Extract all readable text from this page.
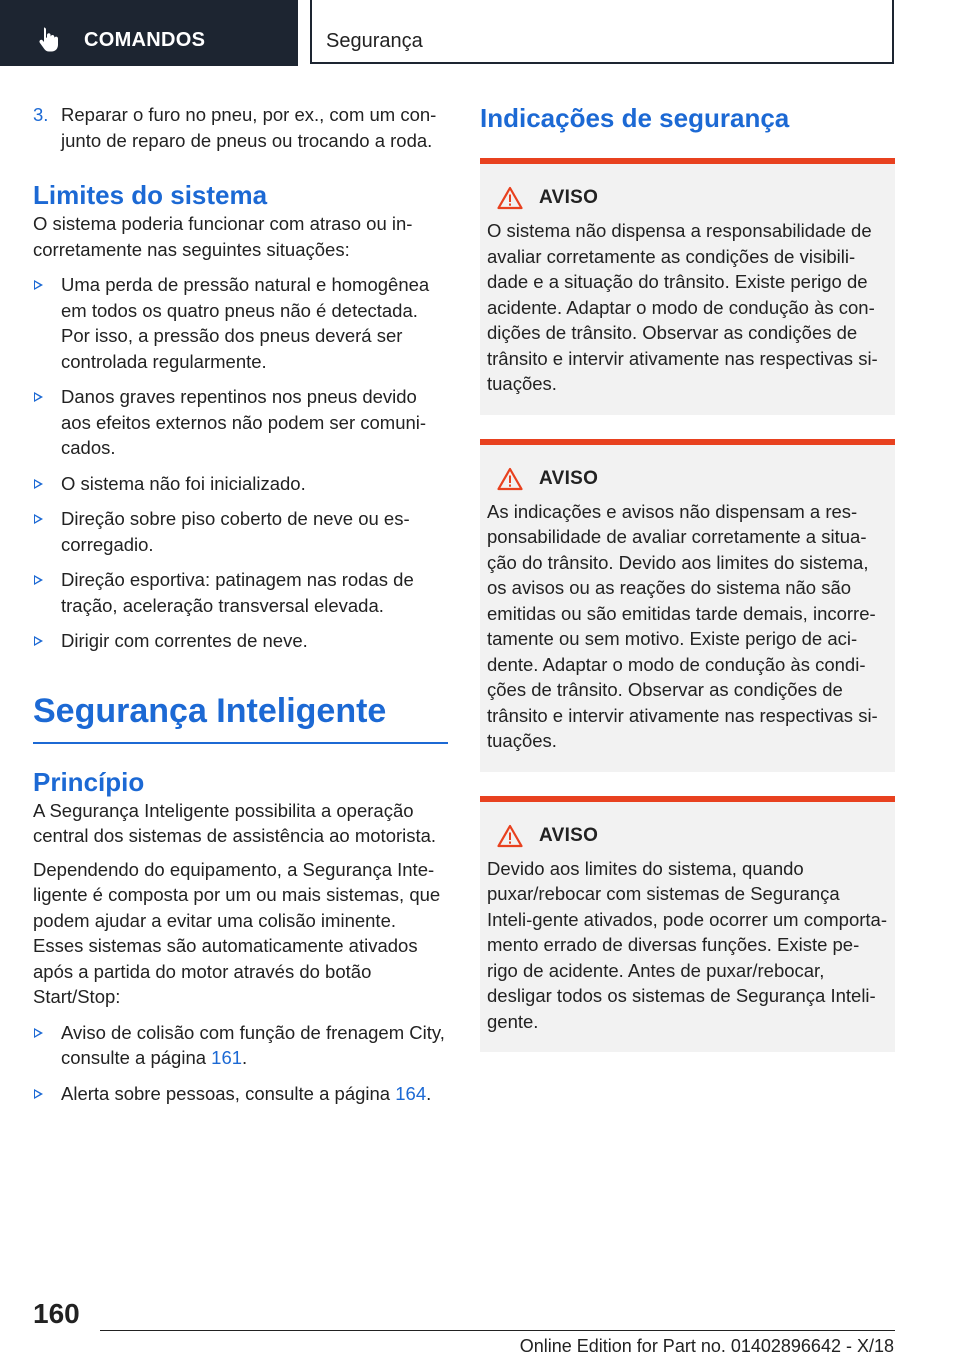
COMANDOS	Segurança
3. Reparar o furo no pneu, por ex., com um con-junto de reparo de pneus ou trocando a roda.
Limites do sistema

O sistema poderia funcionar com atraso ou in-corretamente nas seguintes situações:

Uma perda de pressão natural e homogênea em todos os quatro pneus não é detectada. Por isso, a pressão dos pneus deverá ser controlada regularmente.
Danos graves repentinos nos pneus devido aos efeitos externos não podem ser comuni-cados.
O sistema não foi inicializado.
Direção sobre piso coberto de neve ou es-corregadio.
Direção esportiva: patinagem nas rodas de tração, aceleração transversal elevada.
Dirigir com correntes de neve.
Segurança Inteligente
Princípio

A Segurança Inteligente possibilita a operação central dos sistemas de assistência ao motorista.

Dependendo do equipamento, a Segurança Inte-ligente é composta por um ou mais sistemas, que podem ajudar a evitar uma colisão iminente. Esses sistemas são automaticamente ativados após a partida do motor através do botão Start/Stop:

Aviso de colisão com função de frenagem City, consulte a página 161.
Alerta sobre pessoas, consulte a página 164.
Indicações de segurança
AVISO

O sistema não dispensa a responsabilidade de avaliar corretamente as condições de visibili-dade e a situação do trânsito. Existe perigo de acidente. Adaptar o modo de condução às con-dições de trânsito. Observar as condições de trânsito e intervir ativamente nas respectivas si-tuações.

AVISO

As indicações e avisos não dispensam a res-ponsabilidade de avaliar corretamente a situa-ção do trânsito. Devido aos limites do sistema, os avisos ou as reações do sistema não são emitidas ou são emitidas tarde demais, incorre-tamente ou sem motivo. Existe perigo de aci-dente. Adaptar o modo de condução às condi-ções de trânsito. Observar as condições de trânsito e intervir ativamente nas respectivas si-tuações.

AVISO

Devido aos limites do sistema, quando puxar/rebocar com sistemas de Segurança Inteli-gente ativados, pode ocorrer um comporta-mento errado de diversas funções. Existe pe-rigo de acidente. Antes de puxar/rebocar, desligar todos os sistemas de Segurança Inteli-gente.

160
Online Edition for Part no. 01402896642 - X/18
